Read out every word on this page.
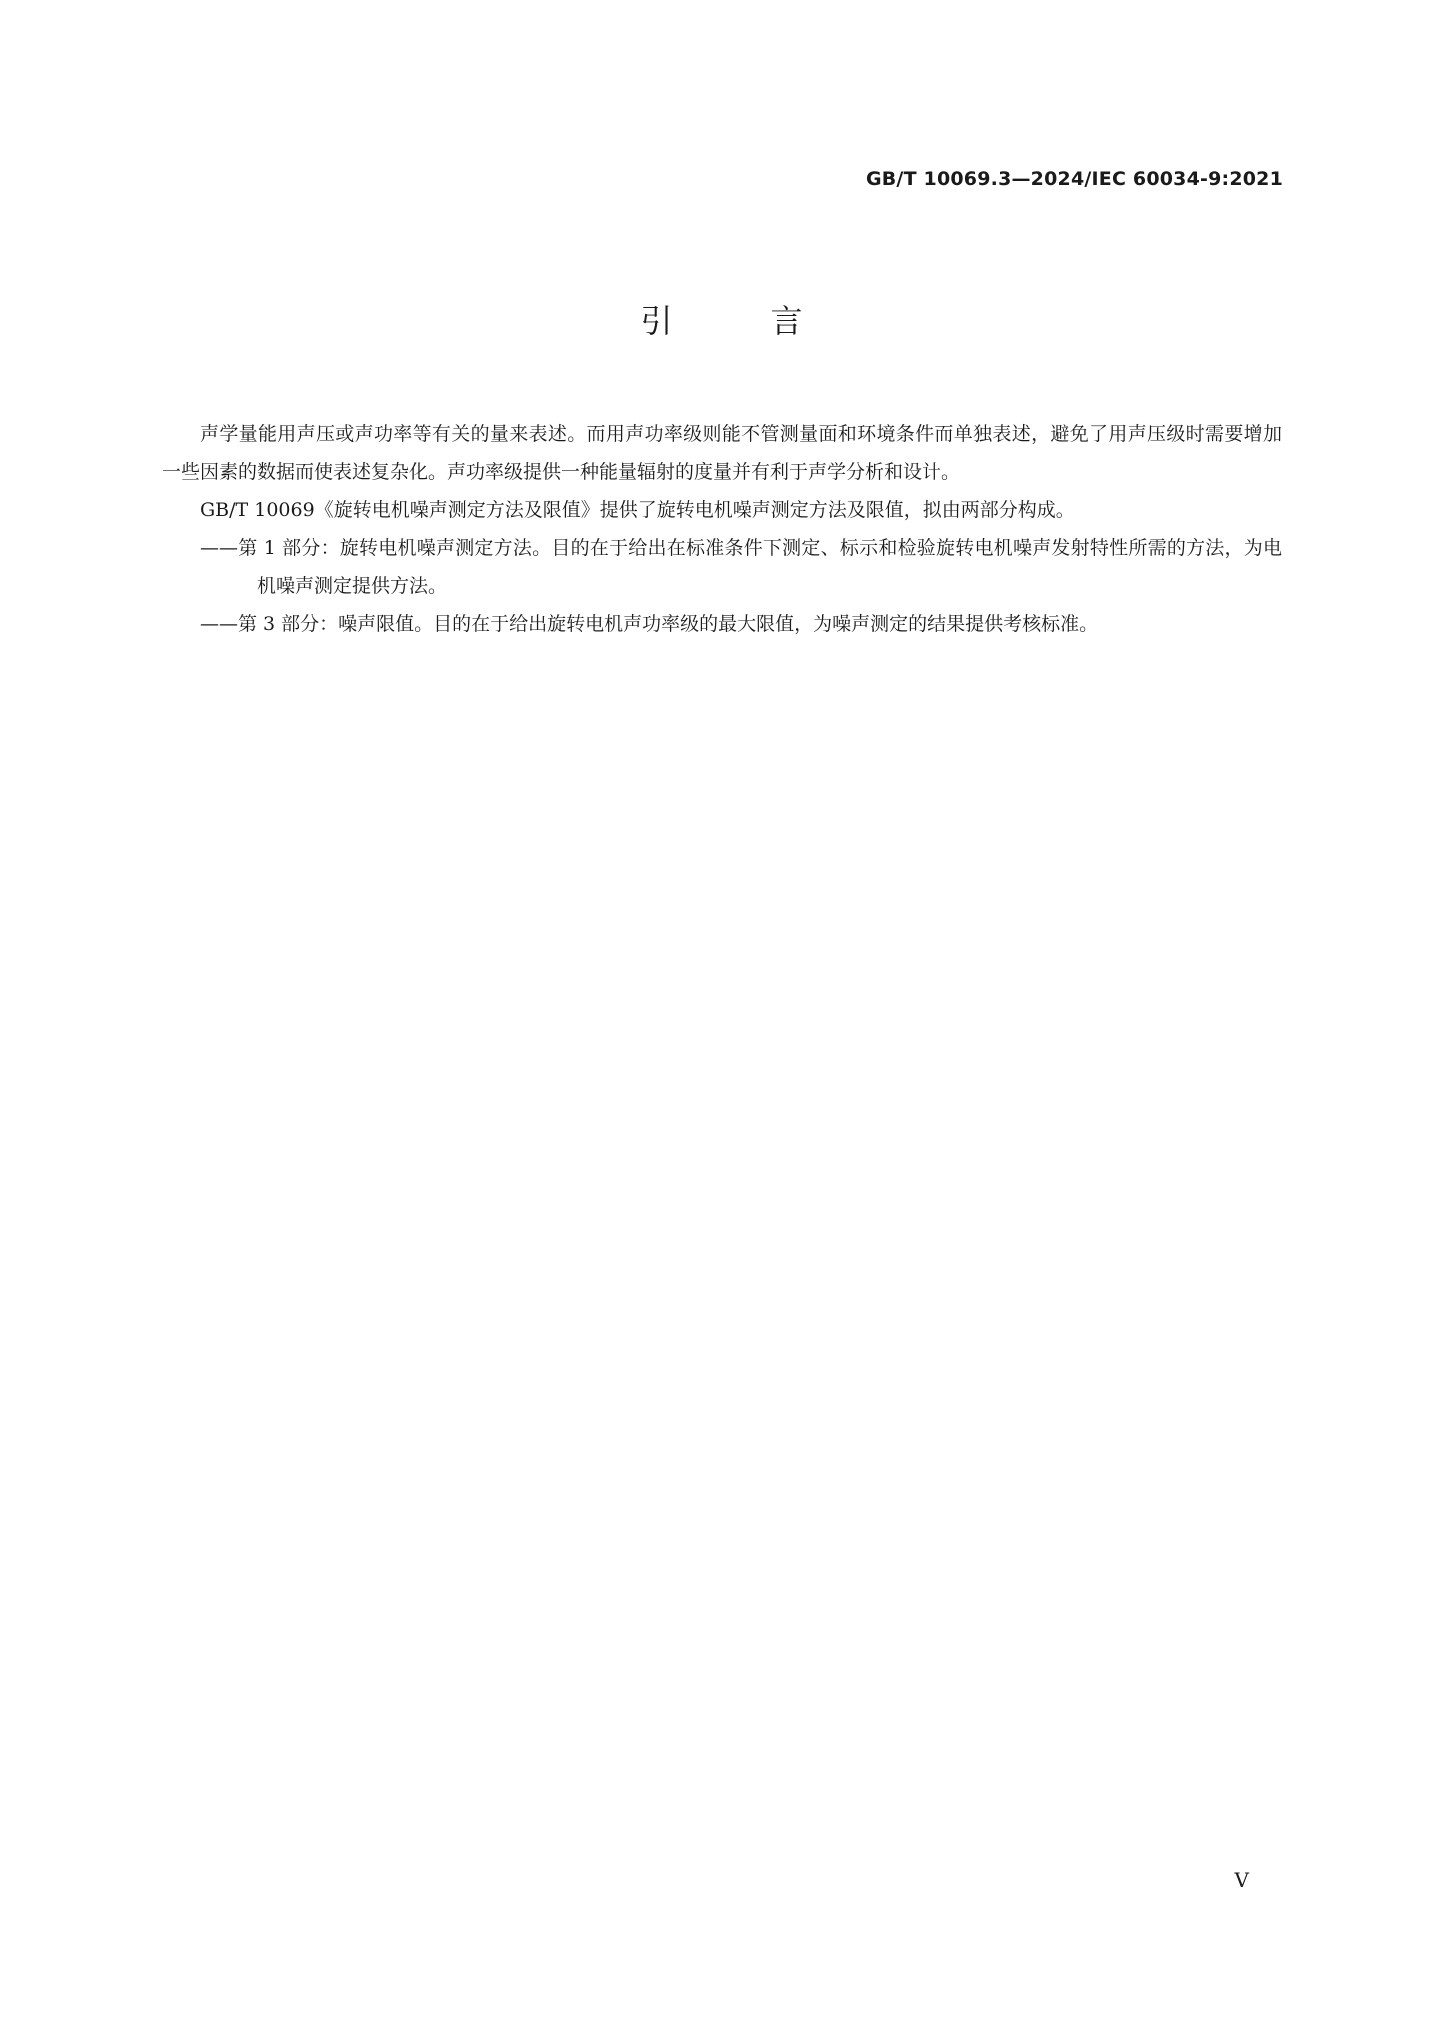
GB/T 10069.3—2024/IEC 60034-9:2021
引	言

声学量能用声压或声功率等有关的量来表述。而用声功率级则能不管测量面和环境条件而单独表述，避免了用声压级时需要增加一些因素的数据而使表述复杂化。声功率级提供一种能量辐射的度量并有利于声学分析和设计。

GB/T 10069《旋转电机噪声测定方法及限值》提供了旋转电机噪声测定方法及限值，拟由两部分构成。

——第 1 部分：旋转电机噪声测定方法。目的在于给出在标准条件下测定、标示和检验旋转电机噪声发射特性所需的方法，为电机噪声测定提供方法。

——第 3 部分：噪声限值。目的在于给出旋转电机声功率级的最大限值，为噪声测定的结果提供考核标准。

V
